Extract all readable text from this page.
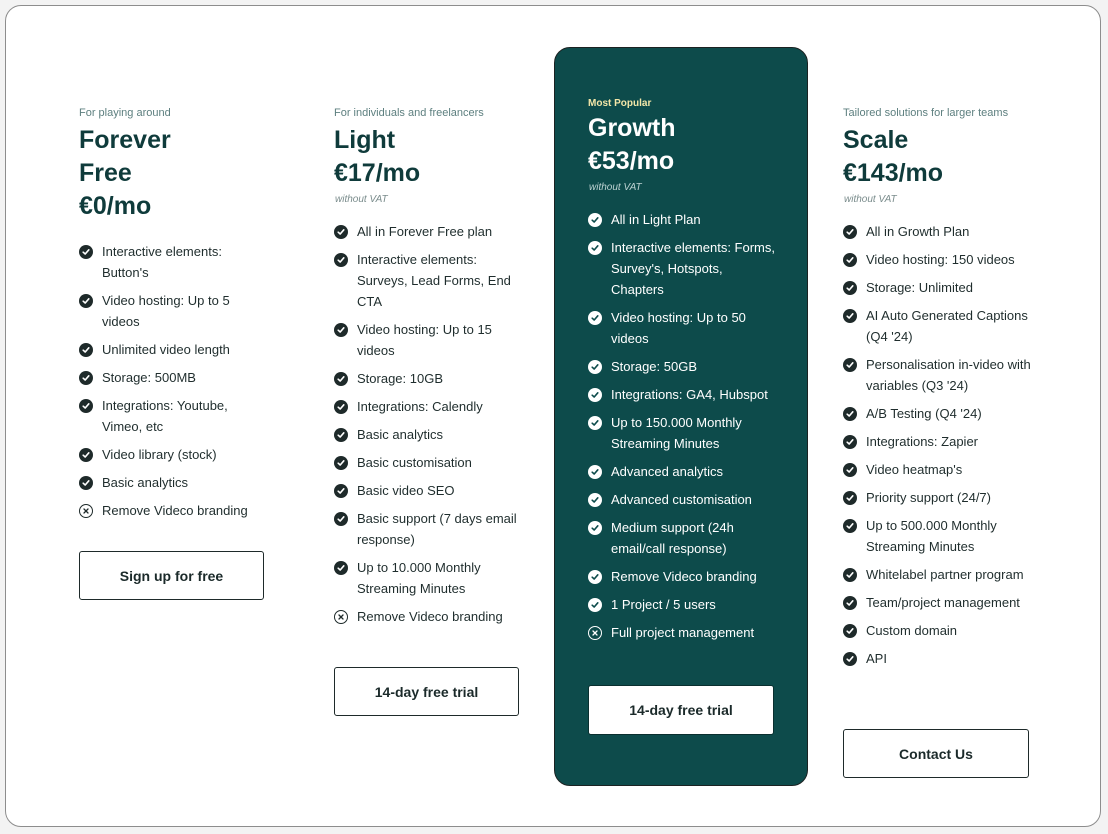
For playing around

Forever
Free

€0/mo

Interactive elements: Button's
Video hosting: Up to 5 videos
Unlimited video length
Storage: 500MB
Integrations: Youtube, Vimeo, etc
Video library (stock)
Basic analytics
Remove Videco branding
Sign up for free

For individuals and freelancers

Light

€17/mo

without VAT

All in Forever Free plan
Interactive elements: Surveys, Lead Forms, End CTA
Video hosting: Up to 15 videos
Storage: 10GB
Integrations: Calendly
Basic analytics
Basic customisation
Basic video SEO
Basic support (7 days email response)
Up to 10.000 Monthly Streaming Minutes
Remove Videco branding
14-day free trial

Most Popular

Growth

€53/mo

without VAT

All in Light Plan
Interactive elements: Forms, Survey's, Hotspots, Chapters
Video hosting: Up to 50 videos
Storage: 50GB
Integrations: GA4, Hubspot
Up to 150.000 Monthly Streaming Minutes
Advanced analytics
Advanced customisation
Medium support (24h email/call response)
Remove Videco branding
1 Project / 5 users
Full project management
14-day free trial

Tailored solutions for larger teams

Scale

€143/mo

without VAT

All in Growth Plan
Video hosting: 150 videos
Storage: Unlimited
AI Auto Generated Captions (Q4 '24)
Personalisation in-video with variables (Q3 '24)
A/B Testing (Q4 '24)
Integrations: Zapier
Video heatmap's
Priority support (24/7)
Up to 500.000 Monthly Streaming Minutes
Whitelabel partner program
Team/project management
Custom domain
API
Contact Us
